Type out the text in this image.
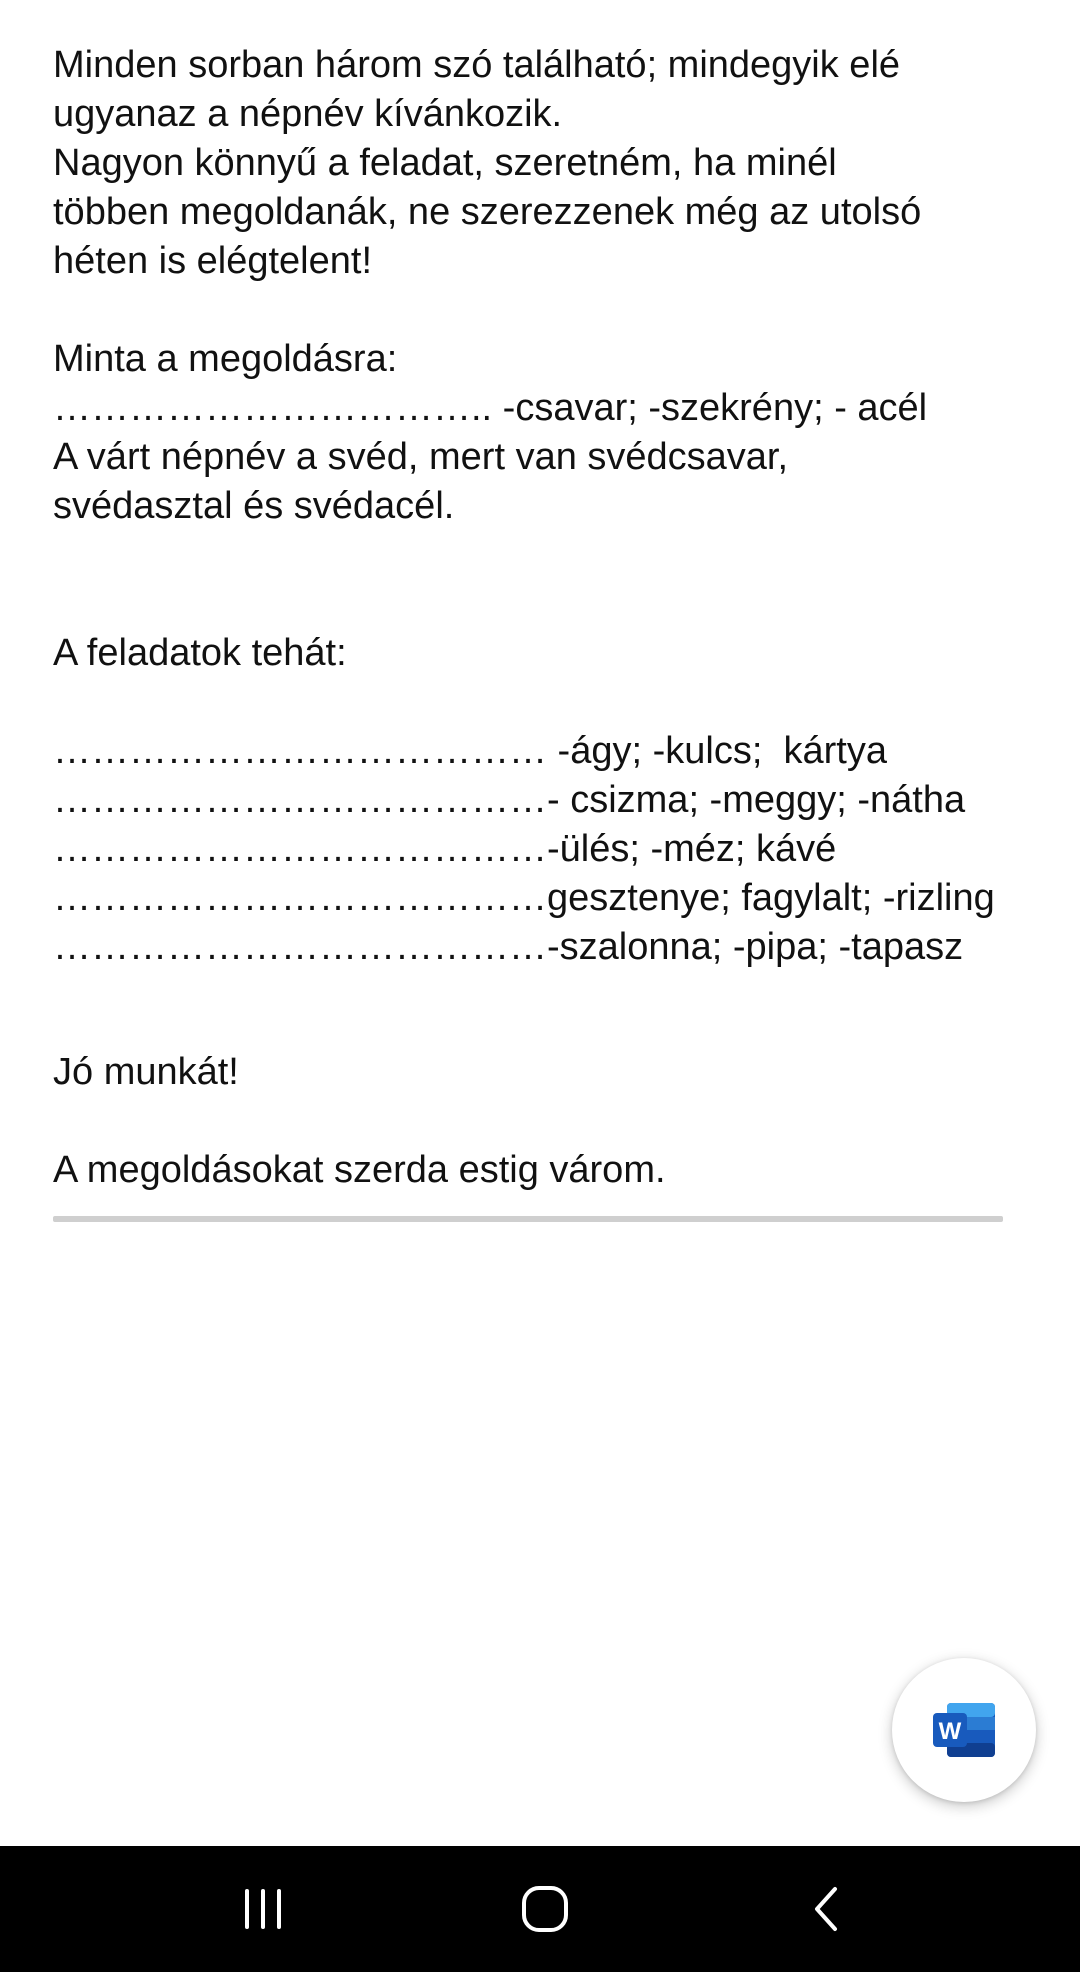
Minden sorban három szó található; mindegyik elé
ugyanaz a népnév kívánkozik.
Nagyon könnyű a feladat, szeretném, ha minél
többen megoldanák, ne szerezzenek még az utolsó
héten is elégtelent!
Minta a megoldásra:
…………………………….. -csavar; -szekrény; - acél
A várt népnév a svéd, mert van svédcsavar,
svédasztal és svédacél.
A feladatok tehát:
………………………………… -ágy; -kulcs;  kártya
…………………………………- csizma; -meggy; -nátha
…………………………………-ülés; -méz; kávé
…………………………………gesztenye; fagylalt; -rizling
…………………………………-szalonna; -pipa; -tapasz
Jó munkát!
A megoldásokat szerda estig várom.
W
